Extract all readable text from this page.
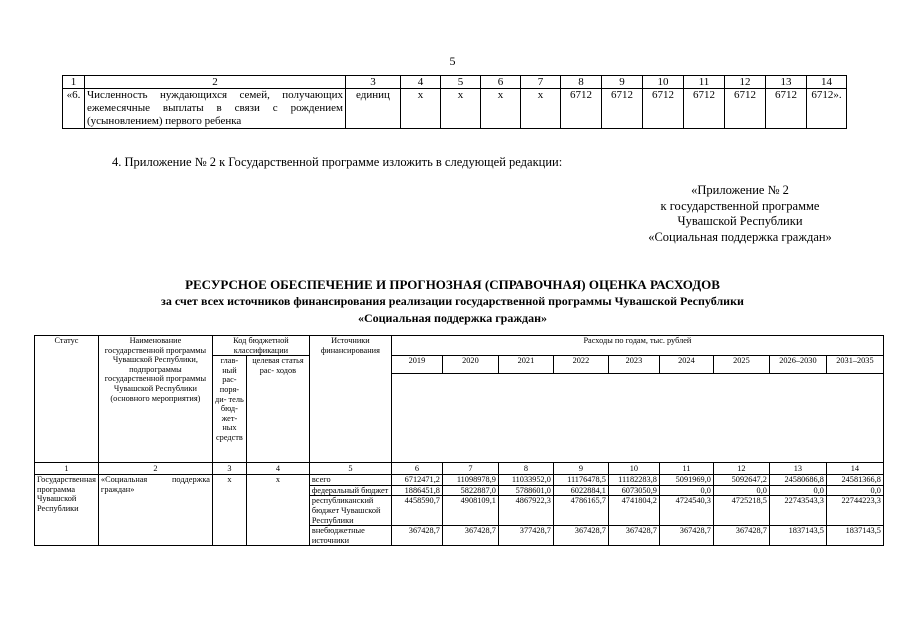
5
1	2	3	4	5	6	7	8	9	10	11	12	13	14
«6.	Численность нуждающихся семей, получающих ежемесячные выплаты в связи с рождением (усыновлением) первого ребенка	единиц	x	x	x	x	6712	6712	6712	6712	6712	6712	6712».
4. Приложение № 2 к Государственной программе изложить в следующей редакции:
«Приложение № 2
к государственной программе
Чувашской Республики
«Социальная поддержка граждан»
РЕСУРСНОЕ ОБЕСПЕЧЕНИЕ И ПРОГНОЗНАЯ (СПРАВОЧНАЯ) ОЦЕНКА РАСХОДОВ
за счет всех источников финансирования реализации государственной программы Чувашской Республики
«Социальная поддержка граждан»
Статус	Наименование государственной программы Чувашской Республики, подпрограммы государственной программы Чувашской Республики (основного мероприятия)	Код бюджетной классификации		Источники финансирования	Расходы по годам, тыс. рублей								
		глав- ный рас- поря- ди- тель бюд- жет- ных средств	целевая статья рас- ходов		2019	2020	2021	2022	2023	2024	2025	2026–2030	2031–2035

1	2	3	4	5	6	7	8	9	10	11	12	13	14
Государственная программа Чувашской Республики	«Социальная поддержка граждан»	x	x	всего	6712471,2	11098978,9	11033952,0	11176478,5	11182283,8	5091969,0	5092647,2	24580686,8	24581366,8
				федеральный бюджет	1886451,8	5822887,0	5788601,0	6022884,1	6073050,9	0,0	0,0	0,0	0,0
				республиканский бюджет Чувашской Республики	4458590,7	4908109,1	4867922,3	4786165,7	4741804,2	4724540,3	4725218,5	22743543,3	22744223,3
				внебюджетные источники	367428,7	367428,7	377428,7	367428,7	367428,7	367428,7	367428,7	1837143,5	1837143,5
